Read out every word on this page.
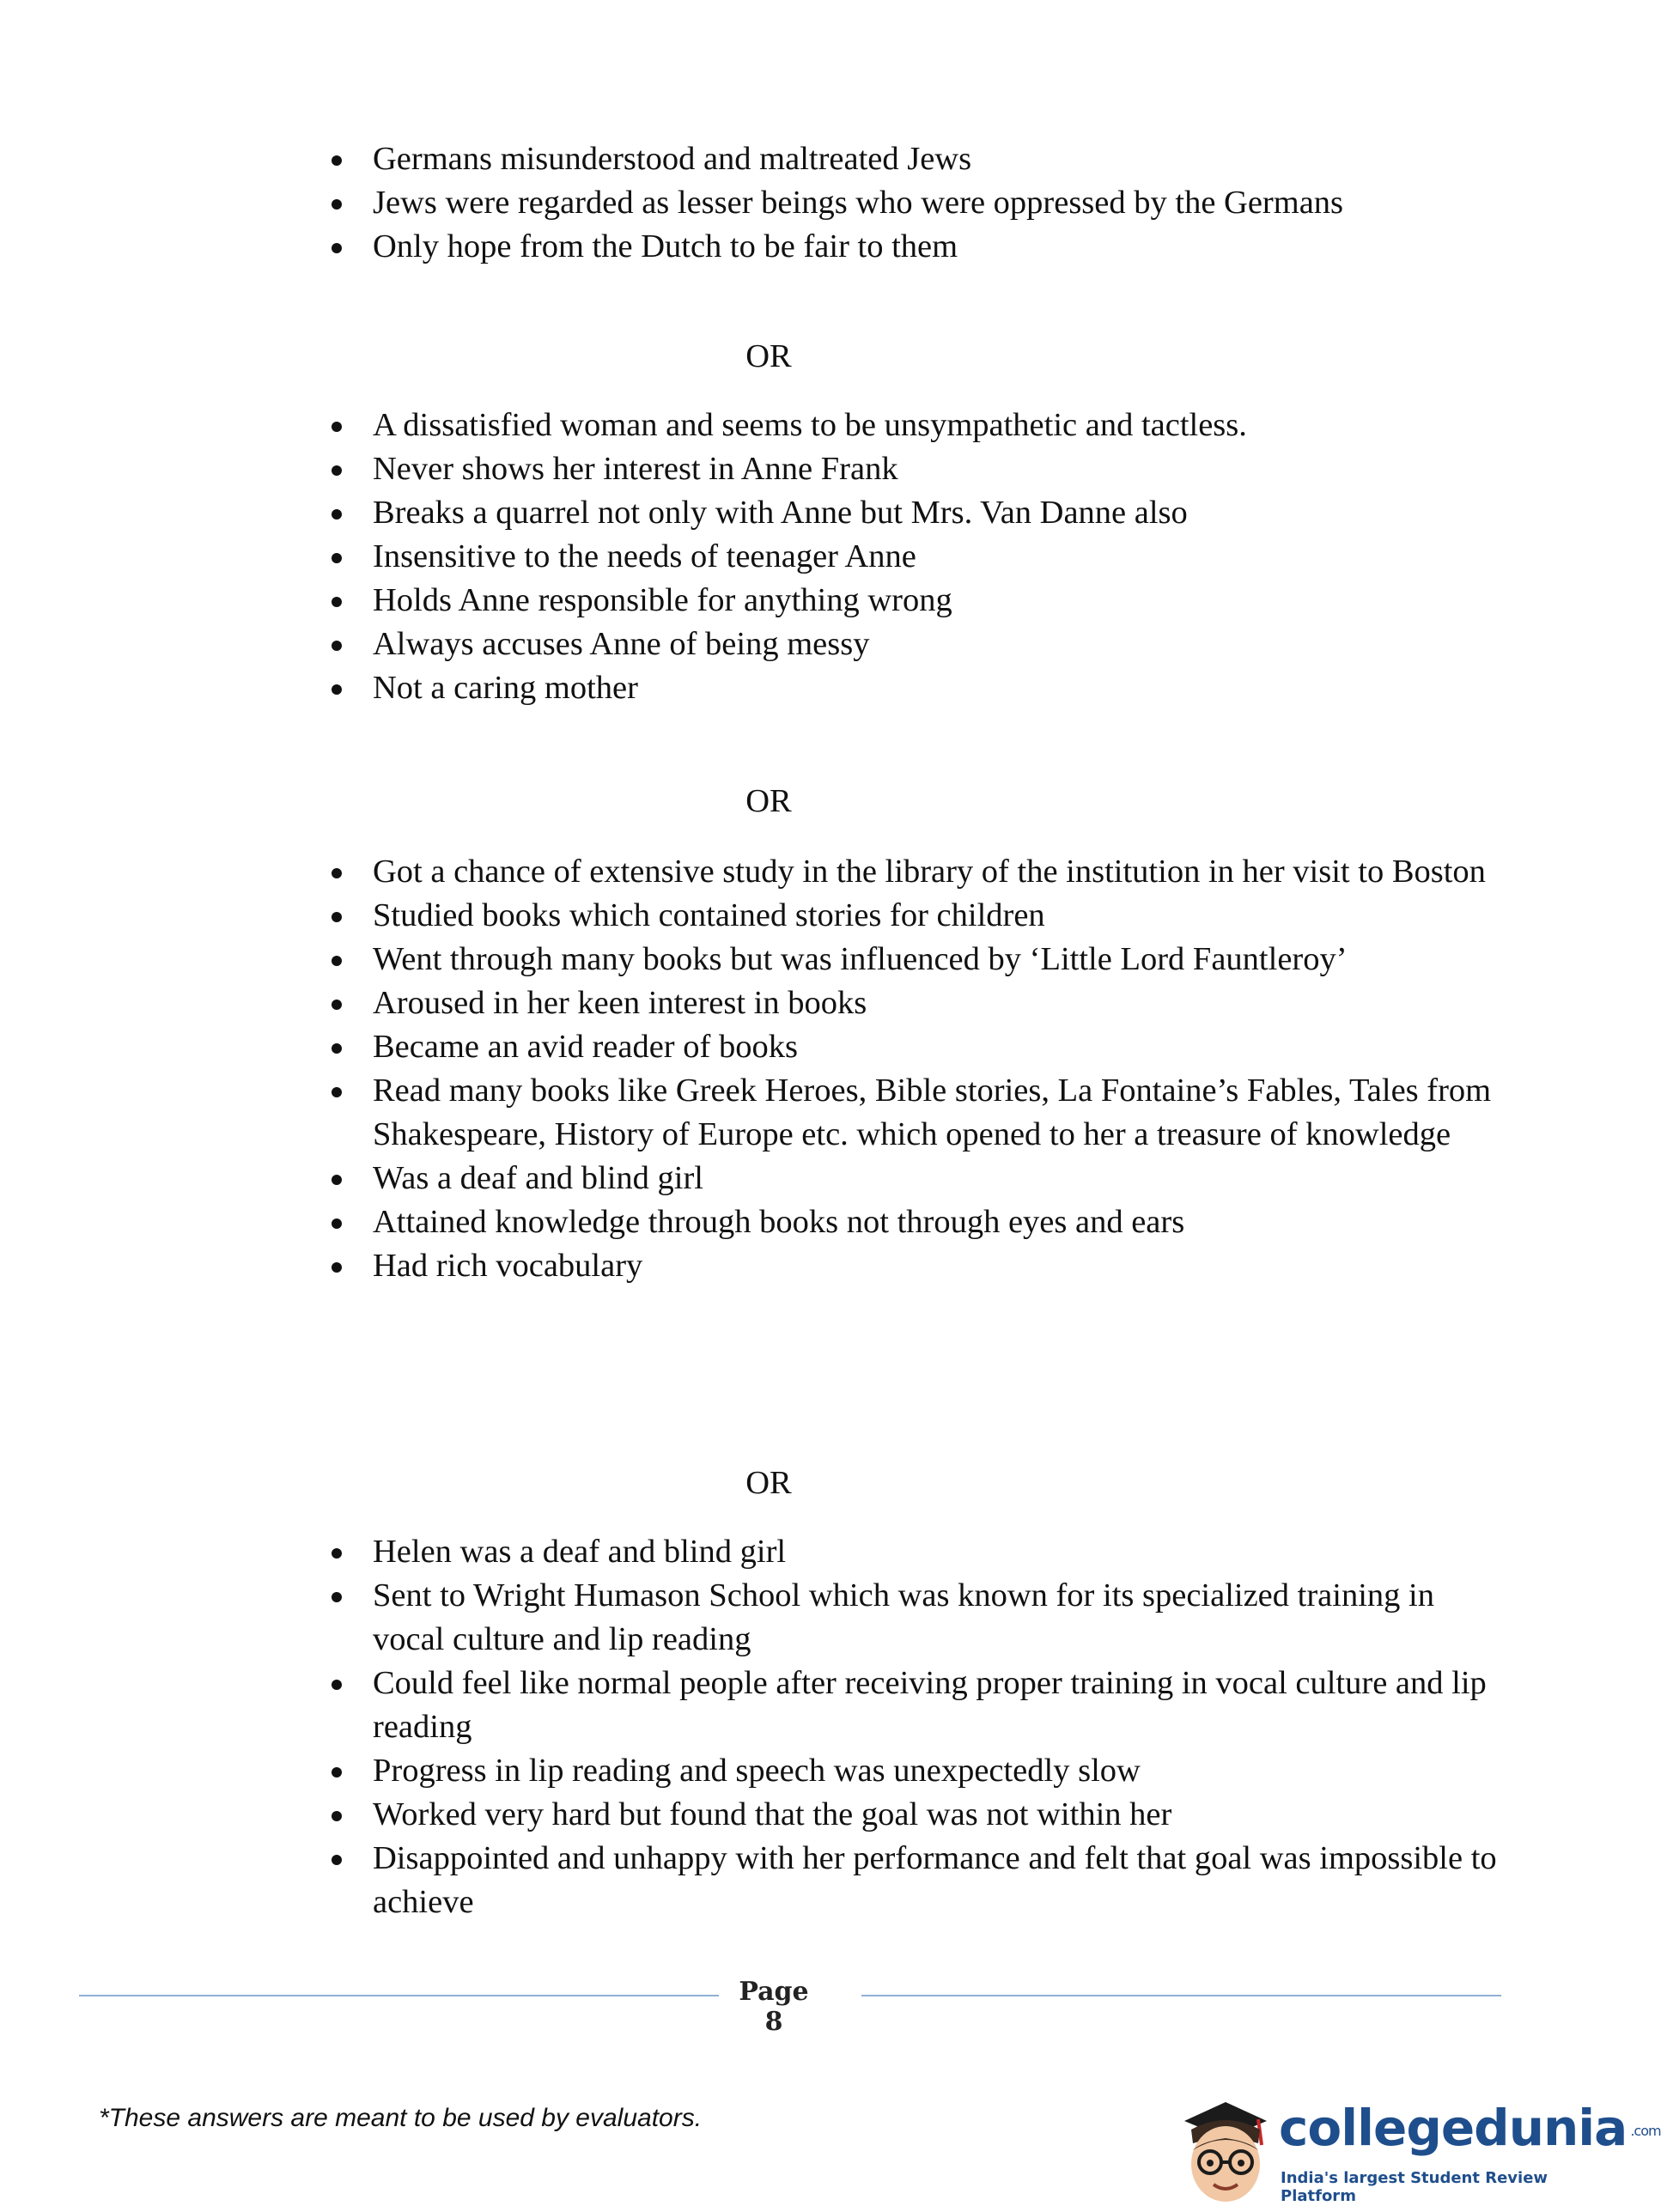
Germans misunderstood and maltreated Jews
Jews were regarded as lesser beings who were oppressed by the Germans
Only hope from the Dutch to be fair to them
OR
A dissatisfied woman and seems to be unsympathetic and tactless.
Never shows her interest in Anne Frank
Breaks a quarrel not only with Anne but Mrs. Van Danne also
Insensitive to the needs of teenager Anne
Holds Anne responsible for anything wrong
Always accuses Anne of being messy
Not a caring mother
OR
Got a chance of extensive study in the library of the institution in her visit to Boston
Studied books which contained stories for children
Went through many books but was influenced by ‘Little Lord Fauntleroy’
Aroused in her keen interest in books
Became an avid reader of books
Read many books like Greek Heroes, Bible stories, La Fontaine’s Fables, Tales from Shakespeare, History of Europe etc. which opened to her a treasure of knowledge
Was a deaf and blind girl
Attained knowledge through books not through eyes and ears
Had rich vocabulary
OR
Helen was a deaf and blind girl
Sent to Wright Humason School which was known for its specialized training in vocal culture and lip reading
Could feel like normal people after receiving proper training in vocal culture and lip reading
Progress in lip reading and speech was unexpectedly slow
Worked very hard but found that the goal was not within her
Disappointed and unhappy with her performance and felt that goal was impossible to achieve
Page 8
*These answers are meant to be used by evaluators.	collegedunia .com
India's largest Student Review Platform
